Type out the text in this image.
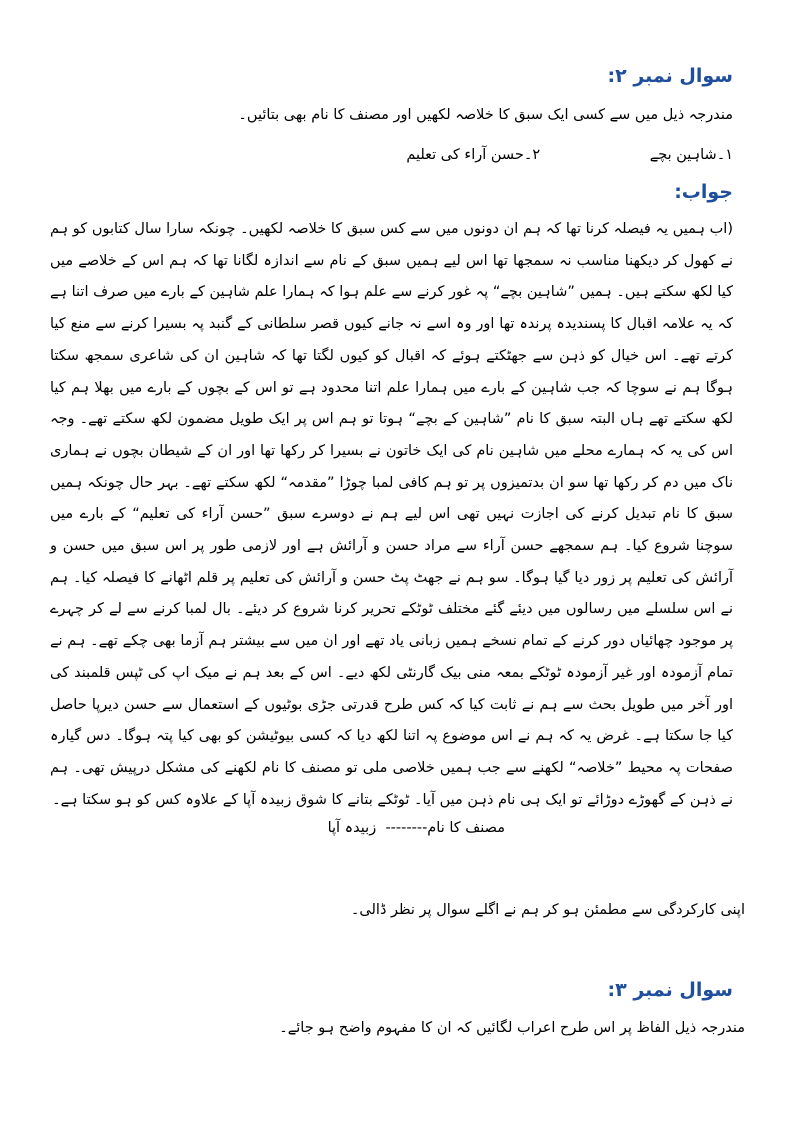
سوال نمبر ۲:
مندرجہ ذیل میں سے کسی ایک سبق کا خلاصہ لکھیں اور مصنف کا نام بھی بتائیں۔
۱۔شاہین بچے ۲۔حسن آراء کی تعلیم
جواب:
(اب ہمیں یہ فیصلہ کرنا تھا کہ ہم ان دونوں میں سے کس سبق کا خلاصہ لکھیں۔ چونکہ سارا سال کتابوں کو ہم نے کھول کر دیکھنا مناسب نہ سمجھا تھا اس لیے ہمیں سبق کے نام سے اندازہ لگانا تھا کہ ہم اس کے خلاصے میں کیا لکھ سکتے ہیں۔ ہمیں ”شاہین بچے“ پہ غور کرنے سے علم ہوا کہ ہمارا علم شاہین کے بارے میں صرف اتنا ہے کہ یہ علامہ اقبال کا پسندیدہ پرندہ تھا اور وہ اسے نہ جانے کیوں قصر سلطانی کے گنبد پہ بسیرا کرنے سے منع کیا کرتے تھے۔ اس خیال کو ذہن سے جھٹکتے ہوئے کہ اقبال کو کیوں لگتا تھا کہ شاہین ان کی شاعری سمجھ سکتا ہوگا ہم نے سوچا کہ جب شاہین کے بارے میں ہمارا علم اتنا محدود ہے تو اس کے بچوں کے بارے میں بھلا ہم کیا لکھ سکتے تھے ہاں البتہ سبق کا نام ”شاہین کے بچے“ ہوتا تو ہم اس پر ایک طویل مضمون لکھ سکتے تھے۔ وجہ اس کی یہ کہ ہمارے محلے میں شاہین نام کی ایک خاتون نے بسیرا کر رکھا تھا اور ان کے شیطان بچوں نے ہماری ناک میں دم کر رکھا تھا سو ان بدتمیزوں پر تو ہم کافی لمبا چوڑا ”مقدمہ“ لکھ سکتے تھے۔ بہر حال چونکہ ہمیں سبق کا نام تبدیل کرنے کی اجازت نہیں تھی اس لیے ہم نے دوسرے سبق ”حسن آراء کی تعلیم“ کے بارے میں سوچنا شروع کیا۔ ہم سمجھے حسن آراء سے مراد حسن و آرائش ہے اور لازمی طور پر اس سبق میں حسن و آرائش کی تعلیم پر زور دیا گیا ہوگا۔ سو ہم نے جھٹ پٹ حسن و آرائش کی تعلیم پر قلم اٹھانے کا فیصلہ کیا۔ ہم نے اس سلسلے میں رسالوں میں دیئے گئے مختلف ٹوٹکے تحریر کرنا شروع کر دیئے۔ بال لمبا کرنے سے لے کر چہرے پر موجود چھائیاں دور کرنے کے تمام نسخے ہمیں زبانی یاد تھے اور ان میں سے بیشتر ہم آزما بھی چکے تھے۔ ہم نے تمام آزمودہ اور غیر آزمودہ ٹوٹکے بمعہ منی بیک گارنٹی لکھ دیے۔ اس کے بعد ہم نے میک اپ کی ٹپس قلمبند کی اور آخر میں طویل بحث سے ہم نے ثابت کیا کہ کس طرح قدرتی جڑی بوٹیوں کے استعمال سے حسن دیرپا حاصل کیا جا سکتا ہے۔ غرض یہ کہ ہم نے اس موضوع پہ اتنا لکھ دیا کہ کسی بیوٹیشن کو بھی کیا پتہ ہوگا۔ دس گیارہ صفحات پہ محیط ”خلاصہ“ لکھنے سے جب ہمیں خلاصی ملی تو مصنف کا نام لکھنے کی مشکل درپیش تھی۔ ہم نے ذہن کے گھوڑے دوڑائے تو ایک ہی نام ذہن میں آیا۔ ٹوٹکے بتانے کا شوق زبیدہ آپا کے علاوہ کس کو ہو سکتا ہے۔
مصنف کا نام--------  زبیدہ آپا
اپنی کارکردگی سے مطمئن ہو کر ہم نے اگلے سوال پر نظر ڈالی۔
سوال نمبر ۳:
مندرجہ ذیل الفاظ پر اس طرح اعراب لگائیں کہ ان کا مفہوم واضح ہو جائے۔
